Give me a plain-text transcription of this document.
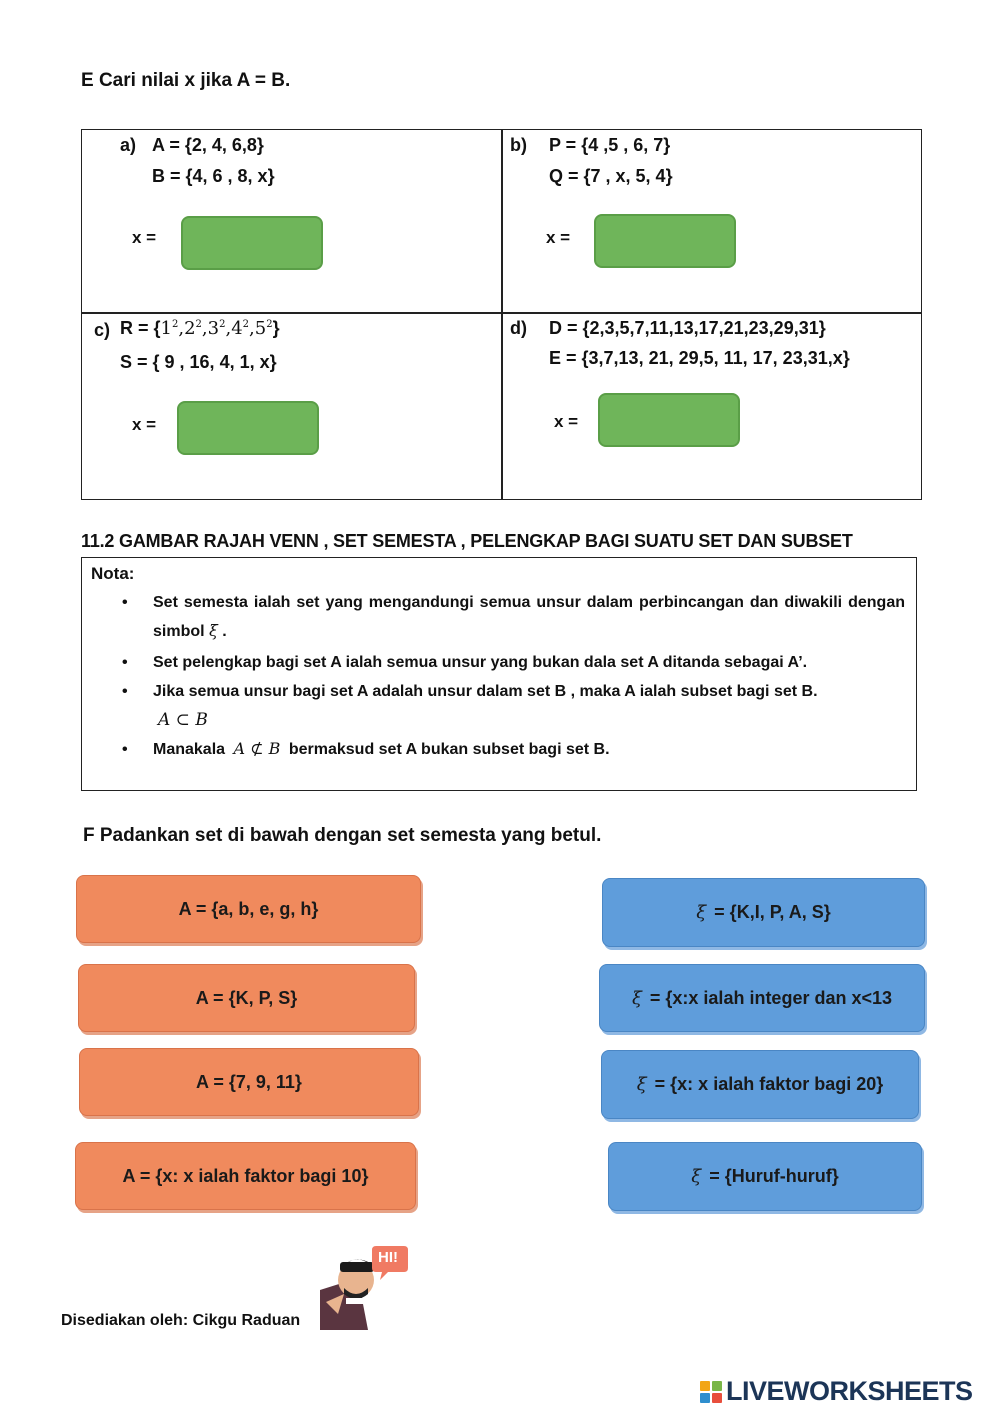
E Cari nilai x jika A = B.
a) A = {2, 4, 6,8}
B = {4, 6 , 8, x}
x =
b) P = {4 ,5 , 6, 7}
Q = {7 , x, 5, 4}
x =
c) $R = \{1^2,2^2,3^2,4^2,5^2\}$
S = { 9 , 16, 4, 1, x}
x =
d) D = {2,3,5,7,11,13,17,21,23,29,31}
E = {3,7,13, 21, 29,5, 11, 17, 23,31,x}
x =
11.2 GAMBAR RAJAH VENN , SET SEMESTA , PELENGKAP BAGI SUATU SET DAN SUBSET
Nota:
• Set semesta ialah set yang mengandungi semua unsur dalam perbincangan dan diwakili dengan simbol ξ .
• Set pelengkap bagi set A ialah semua unsur yang bukan dala set A ditanda sebagai A’.
• Jika semua unsur bagi set A adalah unsur dalam set B , maka A ialah subset bagi set B.
A ⊂ B
• Manakala A ⊄ B bermaksud set A bukan subset bagi set B.
F Padankan set di bawah dengan set semesta yang betul.
A = {a, b, e, g, h}
A = {K, P, S}
A = {7, 9, 11}
A = {x: x ialah faktor bagi 10}
ξ = {K,I, P, A, S}
ξ = {x:x ialah integer dan x<13
ξ = {x: x ialah faktor bagi 20}
ξ = {Huruf-huruf}
Disediakan oleh: Cikgu Raduan
HI!
LIVEWORKSHEETS
